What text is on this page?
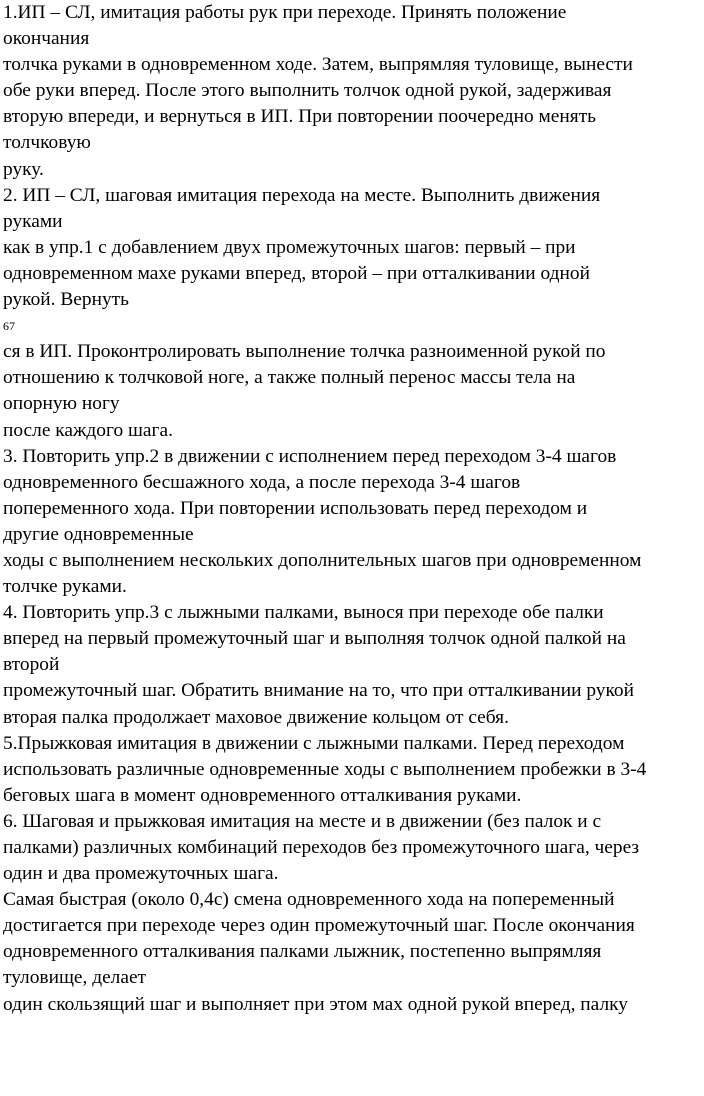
1.ИП – СЛ, имитация работы рук при переходе. Принять положение
окончания
толчка руками в одновременном ходе. Затем, выпрямляя туловище, вынести
обе руки вперед. После этого выполнить толчок одной рукой, задерживая
вторую впереди, и вернуться в ИП. При повторении поочередно менять
толчковую
руку.
2. ИП – СЛ, шаговая имитация перехода на месте. Выполнить движения
руками
как в упр.1 с добавлением двух промежуточных шагов: первый – при
одновременном махе руками вперед, второй – при отталкивании одной
рукой. Вернуть
67
ся в ИП. Проконтролировать выполнение толчка разноименной рукой по
отношению к толчковой ноге, а также полный перенос массы тела на
опорную ногу
после каждого шага.
3. Повторить упр.2 в движении с исполнением перед переходом 3-4 шагов
одновременного бесшажного хода, а после перехода 3-4 шагов
попеременного хода. При повторении использовать перед переходом и
другие одновременные
ходы с выполнением нескольких дополнительных шагов при одновременном
толчке руками.
4. Повторить упр.3 с лыжными палками, вынося при переходе обе палки
вперед на первый промежуточный шаг и выполняя толчок одной палкой на
второй
промежуточный шаг. Обратить внимание на то, что при отталкивании рукой
вторая палка продолжает маховое движение кольцом от себя.
5.Прыжковая имитация в движении с лыжными палками. Перед переходом
использовать различные одновременные ходы с выполнением пробежки в 3-4
беговых шага в момент одновременного отталкивания руками.
6. Шаговая и прыжковая имитация на месте и в движении (без палок и с
палками) различных комбинаций переходов без промежуточного шага, через
один и два промежуточных шага.
Самая быстрая (около 0,4с) смена одновременного хода на попеременный
достигается при переходе через один промежуточный шаг. После окончания
одновременного отталкивания палками лыжник, постепенно выпрямляя
туловище, делает
один скользящий шаг и выполняет при этом мах одной рукой вперед, палку
